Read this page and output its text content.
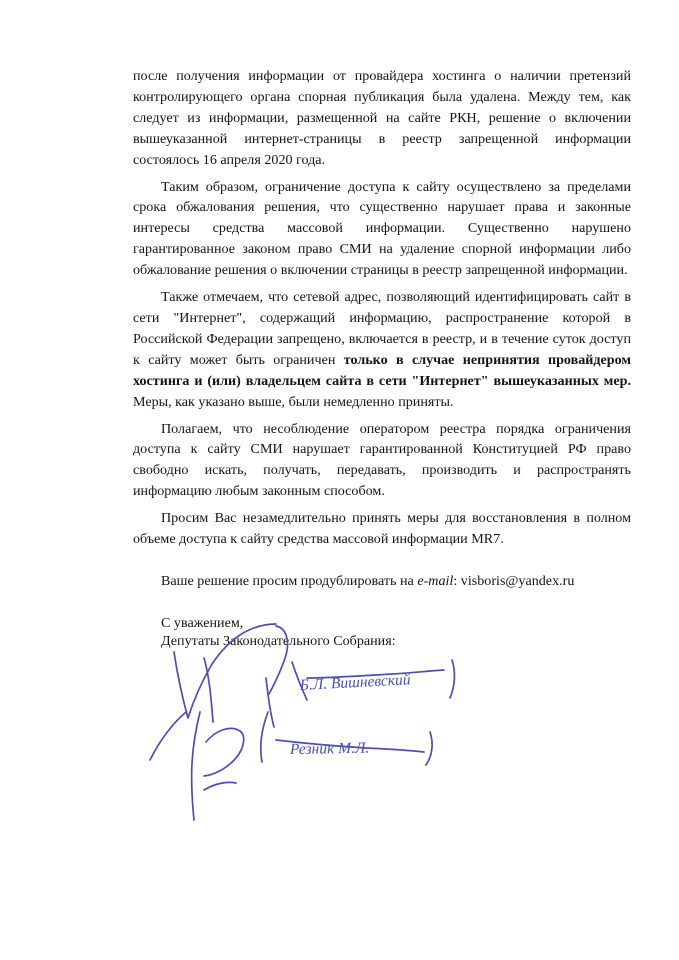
после получения информации от провайдера хостинга о наличии претензий контролирующего органа спорная публикация была удалена. Между тем, как следует из информации, размещенной на сайте РКН, решение о включении вышеуказанной интернет-страницы в реестр запрещенной информации состоялось 16 апреля 2020 года.

Таким образом, ограничение доступа к сайту осуществлено за пределами срока обжалования решения, что существенно нарушает права и законные интересы средства массовой информации. Существенно нарушено гарантированное законом право СМИ на удаление спорной информации либо обжалование решения о включении страницы в реестр запрещенной информации.

Также отмечаем, что сетевой адрес, позволяющий идентифицировать сайт в сети "Интернет", содержащий информацию, распространение которой в Российской Федерации запрещено, включается в реестр, и в течение суток доступ к сайту может быть ограничен только в случае непринятия провайдером хостинга и (или) владельцем сайта в сети "Интернет" вышеуказанных мер. Меры, как указано выше, были немедленно приняты.

Полагаем, что несоблюдение оператором реестра порядка ограничения доступа к сайту СМИ нарушает гарантированной Конституцией РФ право свободно искать, получать, передавать, производить и распространять информацию любым законным способом.

Просим Вас незамедлительно принять меры для восстановления в полном объеме доступа к сайту средства массовой информации MR7.

Ваше решение просим продублировать на e-mail: visboris@yandex.ru

С уважением,
Депутаты Законодательного Собрания:

Б.Л. Вишневский
Резник М.Л.
